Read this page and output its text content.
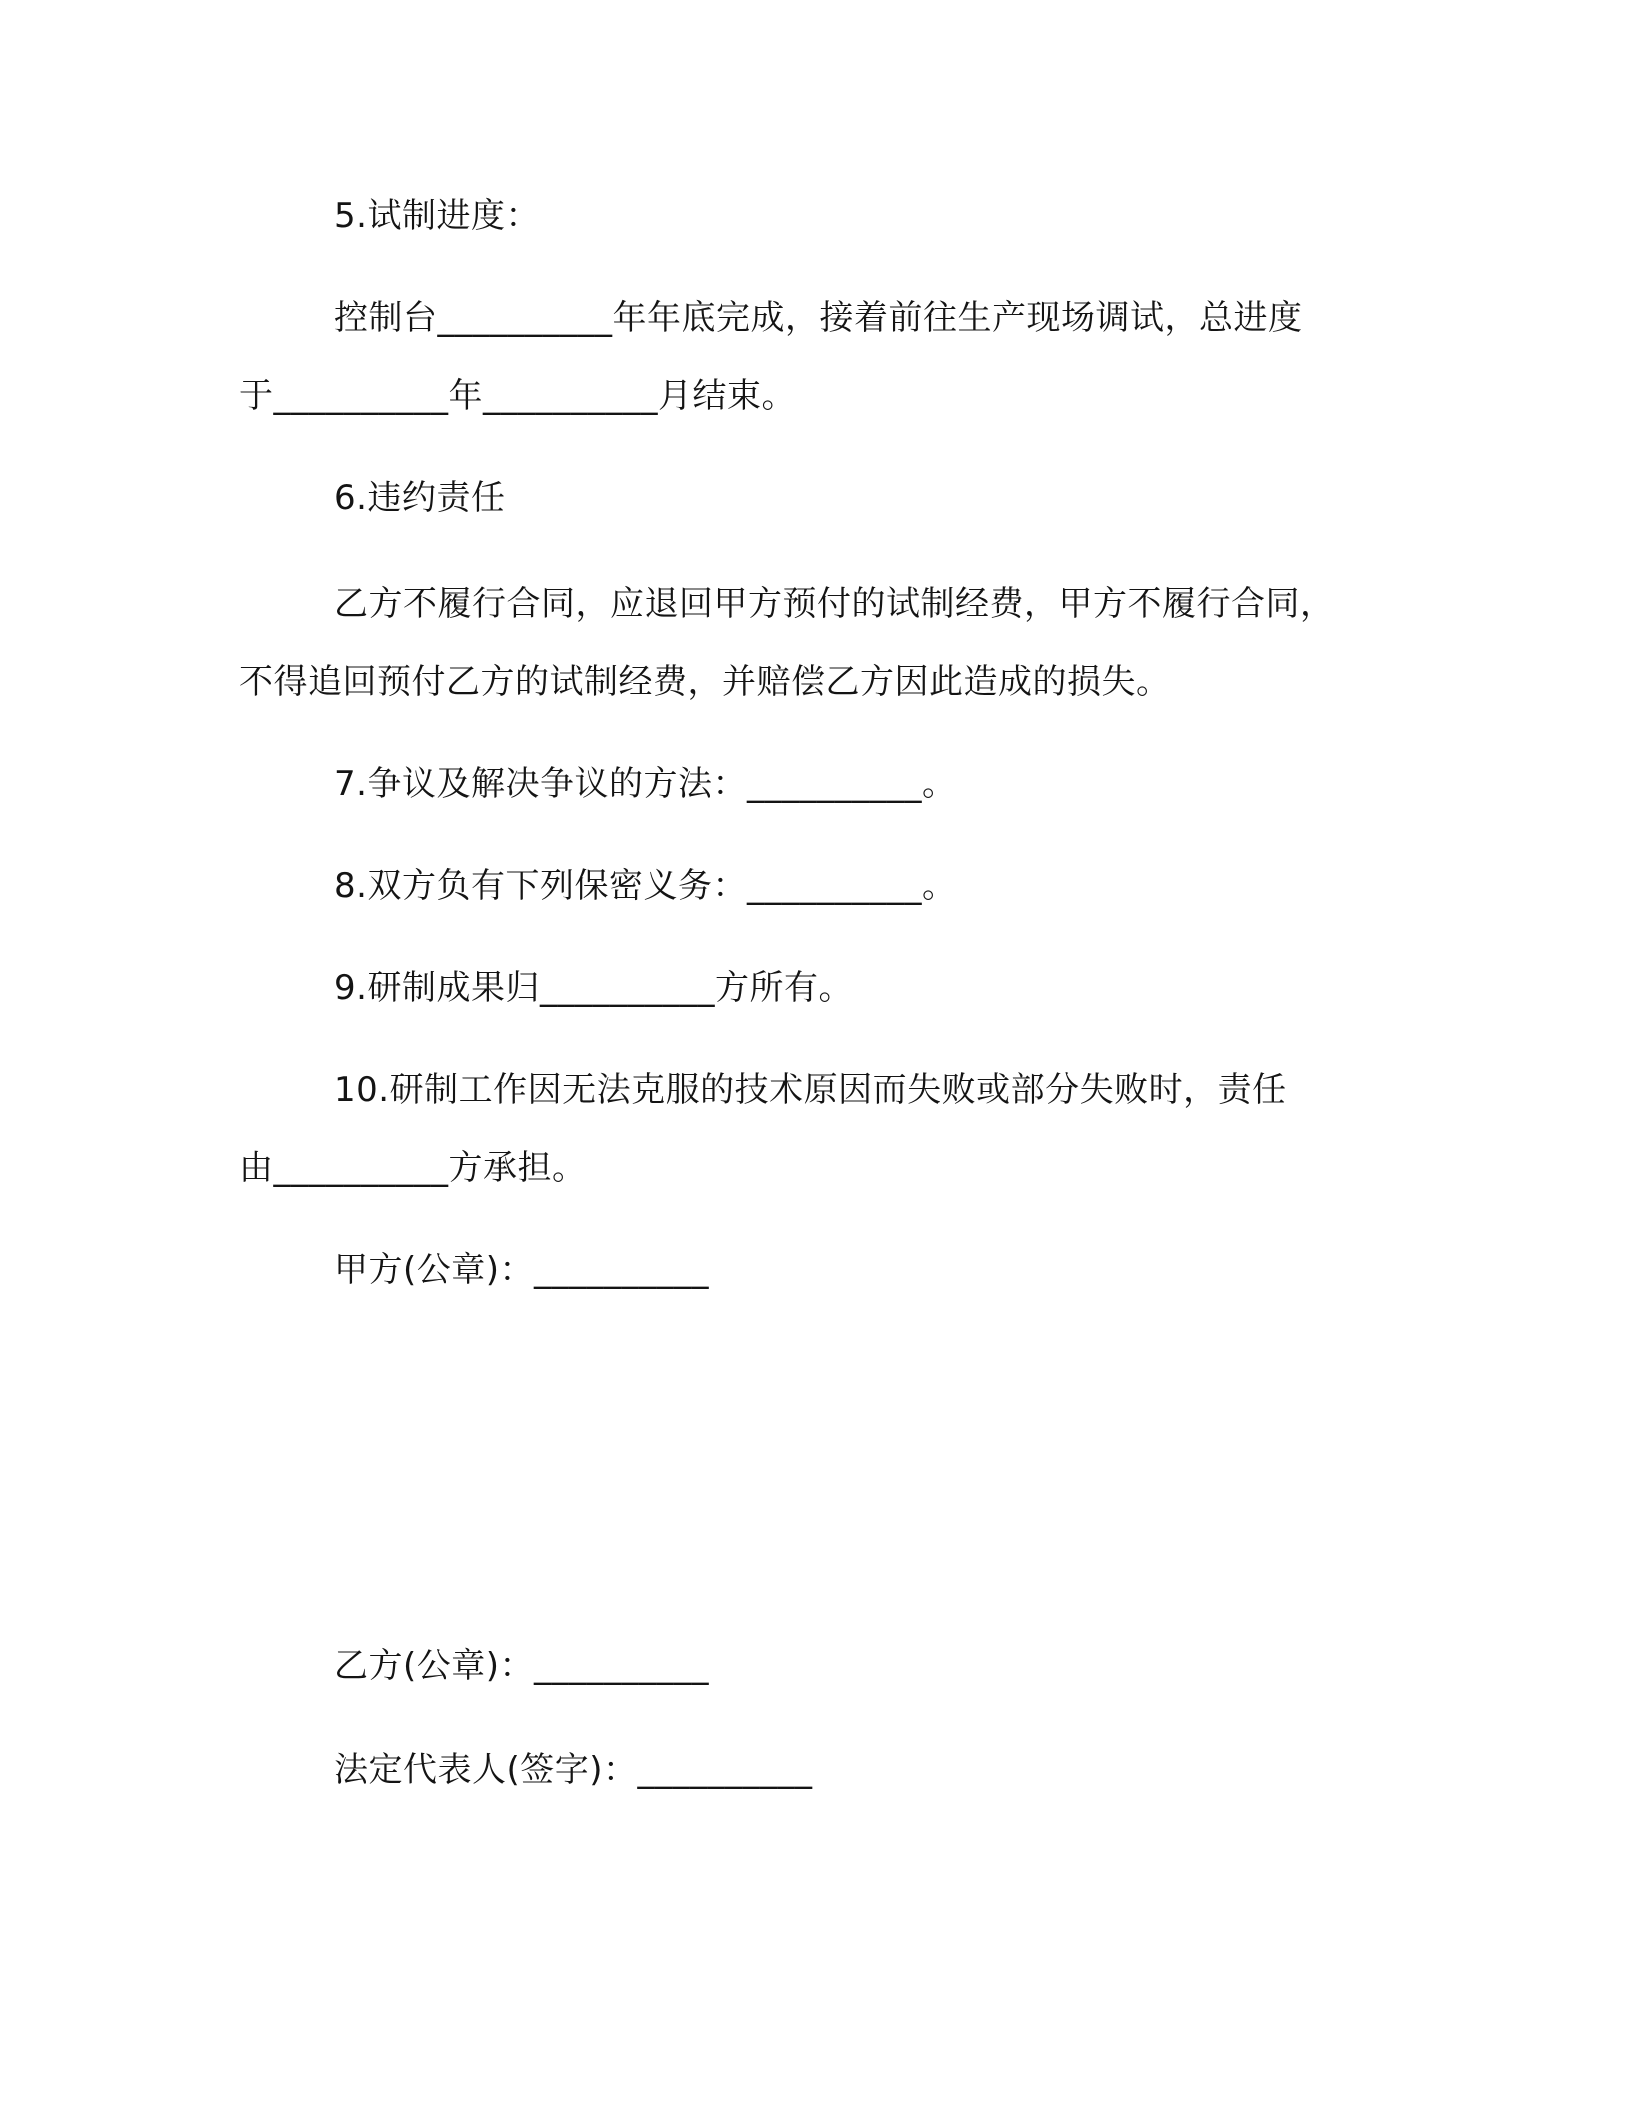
5.试制进度：
控制台__________年年底完成，接着前往生产现场调试，总进度
于__________年__________月结束。
6.违约责任
乙方不履行合同，应退回甲方预付的试制经费，甲方不履行合同，
不得追回预付乙方的试制经费，并赔偿乙方因此造成的损失。
7.争议及解决争议的方法：__________。
8.双方负有下列保密义务：__________。
9.研制成果归__________方所有。
10.研制工作因无法克服的技术原因而失败或部分失败时，责任
由__________方承担。
甲方(公章)：__________
乙方(公章)：__________
法定代表人(签字)：__________
